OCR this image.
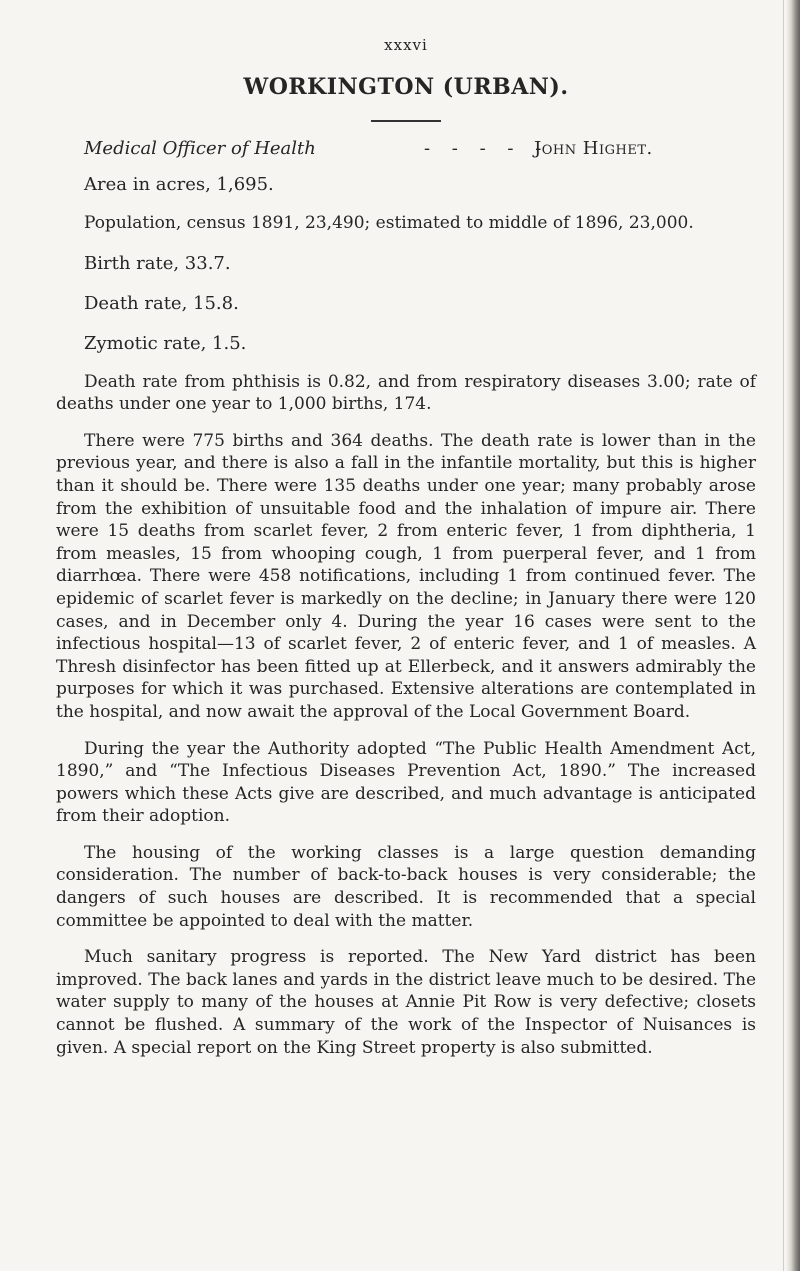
xxxvi
WORKINGTON (URBAN).
Medical Officer of Health	- - - - -
John Highet.
Area in acres, 1,695.
Population, census 1891, 23,490; estimated to middle of 1896, 23,000.
Birth rate, 33.7.
Death rate, 15.8.
Zymotic rate, 1.5.

Death rate from phthisis is 0.82, and from respiratory diseases 3.00; rate of deaths under one year to 1,000 births, 174.

There were 775 births and 364 deaths. The death rate is lower than in the previous year, and there is also a fall in the infantile mortality, but this is higher than it should be. There were 135 deaths under one year; many probably arose from the exhibition of unsuitable food and the inhalation of impure air. There were 15 deaths from scarlet fever, 2 from enteric fever, 1 from diphtheria, 1 from measles, 15 from whooping cough, 1 from puerperal fever, and 1 from diarrhœa. There were 458 notifications, including 1 from continued fever. The epidemic of scarlet fever is markedly on the decline; in January there were 120 cases, and in December only 4. During the year 16 cases were sent to the infectious hospital—13 of scarlet fever, 2 of enteric fever, and 1 of measles. A Thresh disinfector has been fitted up at Ellerbeck, and it answers admirably the purposes for which it was purchased. Extensive alterations are contemplated in the hospital, and now await the approval of the Local Government Board.

During the year the Authority adopted “The Public Health Amendment Act, 1890,” and “The Infectious Diseases Prevention Act, 1890.” The increased powers which these Acts give are described, and much advantage is anticipated from their adoption.

The housing of the working classes is a large question demanding consideration. The number of back-to-back houses is very considerable; the dangers of such houses are described. It is recommended that a special committee be appointed to deal with the matter.

Much sanitary progress is reported. The New Yard district has been improved. The back lanes and yards in the district leave much to be desired. The water supply to many of the houses at Annie Pit Row is very defective; closets cannot be flushed. A summary of the work of the Inspector of Nuisances is given. A special report on the King Street property is also submitted.
